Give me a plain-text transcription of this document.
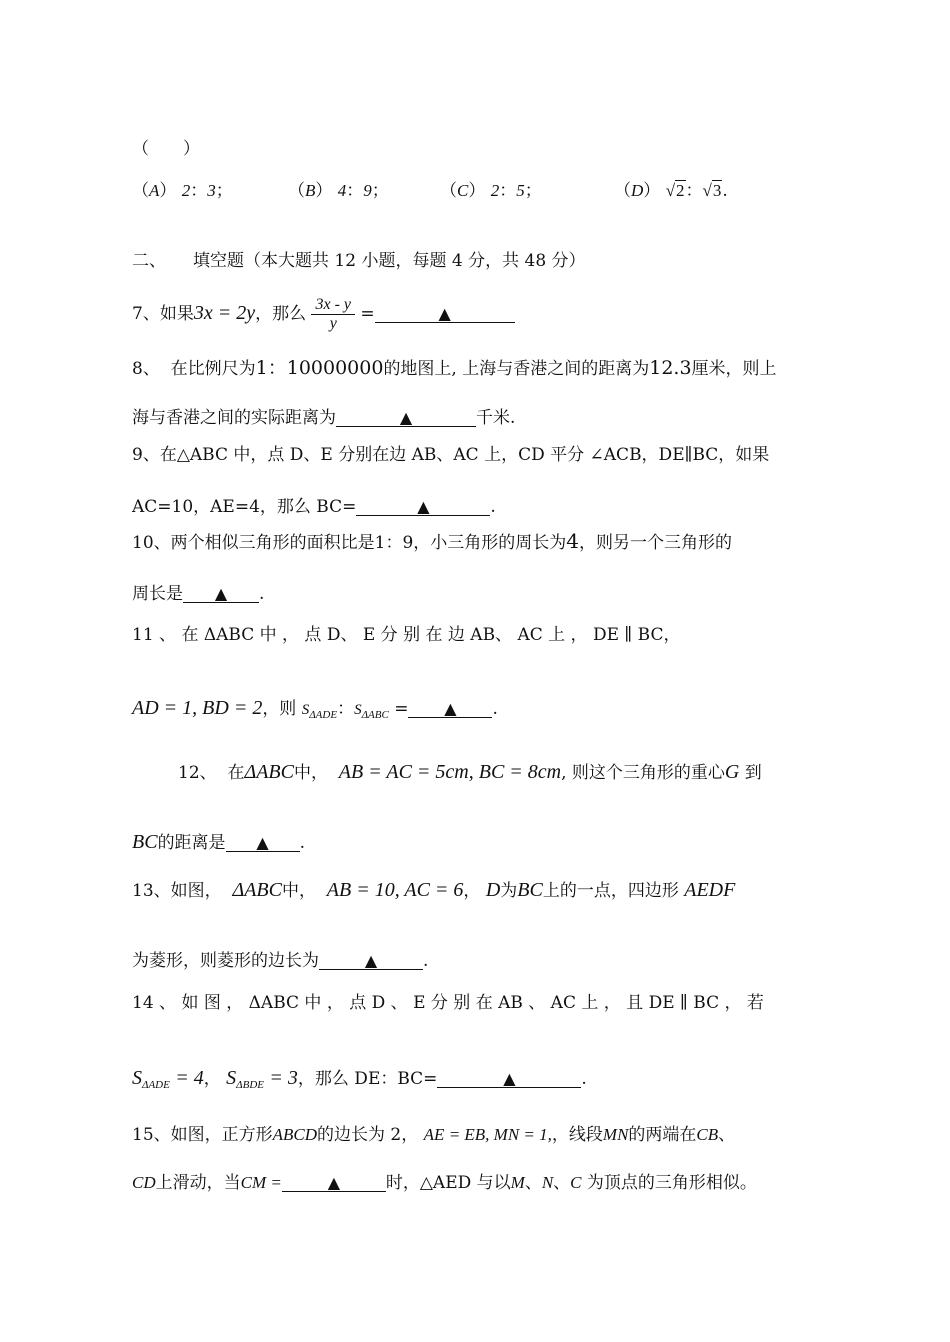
（　　）
（A） 2：3；	（B） 4：9；	（C） 2：5；	（D） √2：√3.
二、 填空题（本大题共 12 小题，每题 4 分，共 48 分）
7、如果3x = 2y，那么 $\frac{3x - y}{y}$ =	▲
8、 在比例尺为1：10000000的地图上, 上海与香港之间的距离为12.3厘米，则上
海与香港之间的实际距离为	▲	千米.
9、在△ABC 中，点 D、E 分别在边 AB、AC 上，CD 平分 ∠ACB，DE∥BC，如果
AC=10，AE=4，那么 BC=	▲	.
10、两个相似三角形的面积比是1：9，小三角形的周长为4，则另一个三角形的
周长是 ▲ .
11 、 在 ΔABC 中 ， 点 D、 E 分 别 在 边 AB、 AC 上 ， DE ∥ BC，
AD = 1, BD = 2，则 $S_{\Delta ADE}$：$S_{\Delta ABC}$ = ▲ .
12、 在ΔABC中， AB = AC = 5cm, BC = 8cm, 则这个三角形的重心G 到
BC的距离是 ▲ .
13、如图， ΔABC中， AB = 10, AC = 6， D为BC上的一点，四边形 AEDF
为菱形，则菱形的边长为	▲	.
14 、 如 图 ， ΔABC 中 ， 点 D 、 E 分 别 在 AB 、 AC 上 ， 且 DE ∥ BC ， 若
$S_{\Delta ADE} = 4$， $S_{\Delta BDE} = 3$，那么 DE：BC=	▲	.
15、如图，正方形ABCD的边长为 2， AE = EB, MN = 1,，线段MN的两端在CB、
CD上滑动，当CM =	▲	时，△AED 与以M、N、C 为顶点的三角形相似。
